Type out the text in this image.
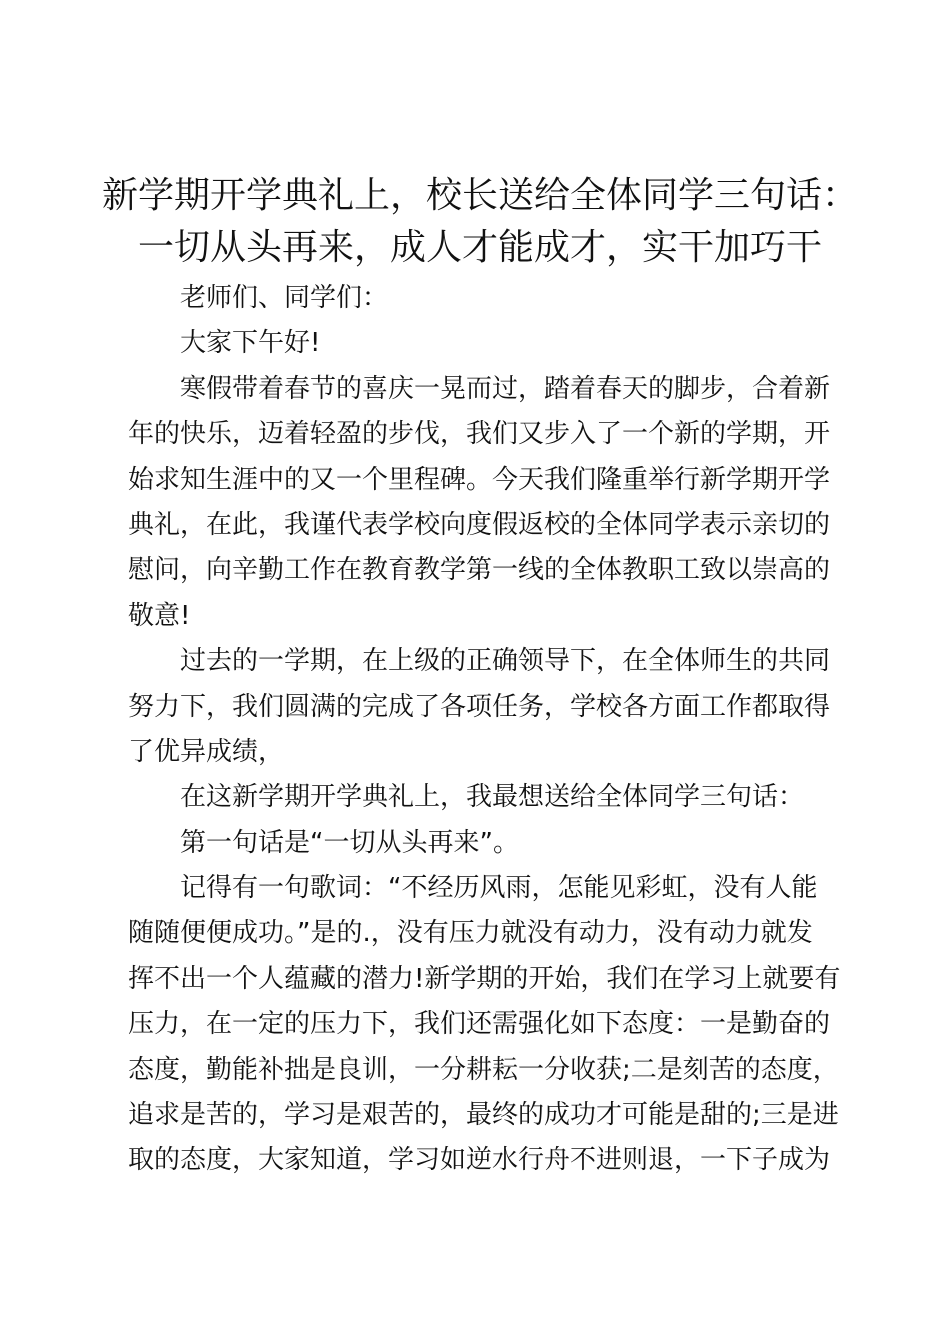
新学期开学典礼上，校长送给全体同学三句话：
一切从头再来，成人才能成才，实干加巧干
老师们、同学们：
大家下午好!
寒假带着春节的喜庆一晃而过，踏着春天的脚步，合着新
年的快乐，迈着轻盈的步伐，我们又步入了一个新的学期，开
始求知生涯中的又一个里程碑。今天我们隆重举行新学期开学
典礼，在此，我谨代表学校向度假返校的全体同学表示亲切的
慰问，向辛勤工作在教育教学第一线的全体教职工致以崇高的
敬意!
过去的一学期，在上级的正确领导下，在全体师生的共同
努力下，我们圆满的完成了各项任务，学校各方面工作都取得
了优异成绩，
在这新学期开学典礼上，我最想送给全体同学三句话：
第一句话是“一切从头再来”。
记得有一句歌词：“不经历风雨，怎能见彩虹，没有人能
随随便便成功。”是的.，没有压力就没有动力，没有动力就发
挥不出一个人蕴藏的潜力!新学期的开始，我们在学习上就要有
压力，在一定的压力下，我们还需强化如下态度：一是勤奋的
态度，勤能补拙是良训，一分耕耘一分收获;二是刻苦的态度，
追求是苦的，学习是艰苦的，最终的成功才可能是甜的;三是进
取的态度，大家知道，学习如逆水行舟不进则退，一下子成为
